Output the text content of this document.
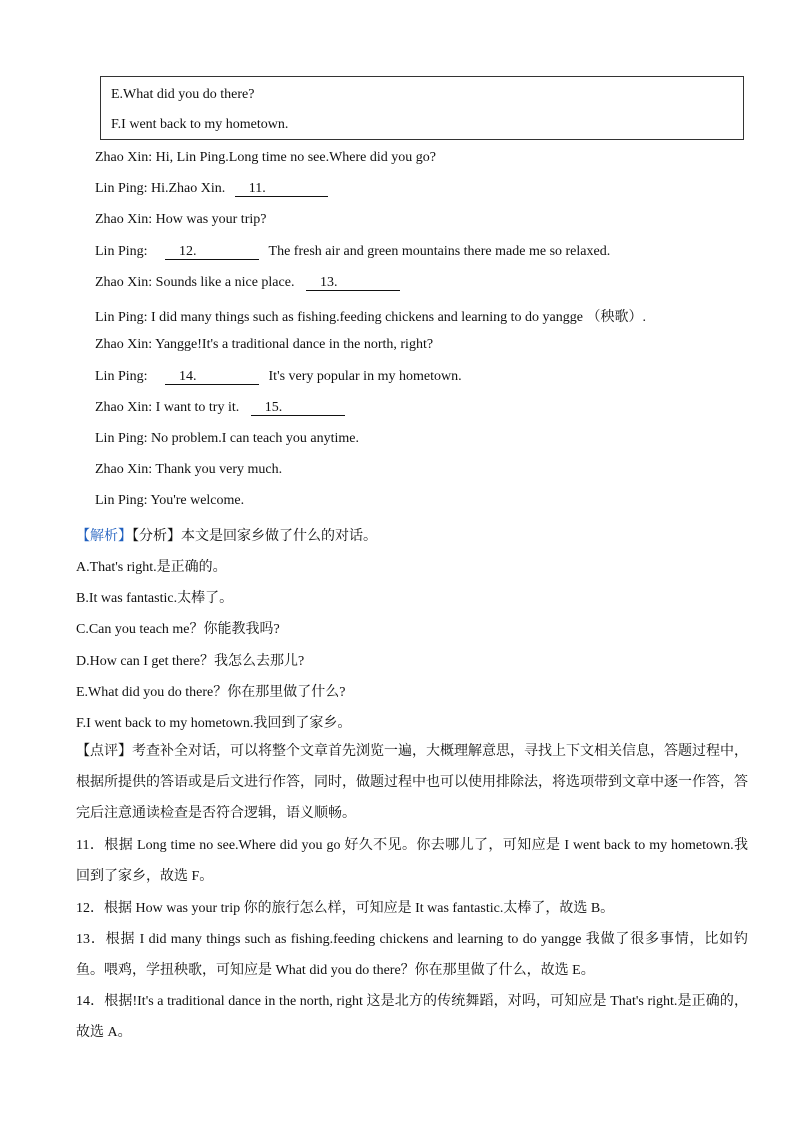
E.What did you do there?
F.I went back to my hometown.
Zhao Xin: Hi, Lin Ping.Long time no see.Where did you go?
Lin Ping: Hi.Zhao Xin. 11.
Zhao Xin: How was your trip?
Lin Ping: 12.	The fresh air and green mountains there made me so relaxed.
Zhao Xin: Sounds like a nice place. 13.
Lin Ping: I did many things such as fishing.feeding chickens and learning to do yangge （秧歌）.
Zhao Xin: Yangge!It's a traditional dance in the north, right?
Lin Ping: 14.	It's very popular in my hometown.
Zhao Xin: I want to try it. 15.
Lin Ping: No problem.I can teach you anytime.
Zhao Xin: Thank you very much.
Lin Ping: You're welcome.
【解析】【分析】本文是回家乡做了什么的对话。
A.That's right.是正确的。
B.It was fantastic.太棒了。
C.Can you teach me？你能教我吗?
D.How can I get there？我怎么去那儿?
E.What did you do there？你在那里做了什么?
F.I went back to my hometown.我回到了家乡。
【点评】考查补全对话，可以将整个文章首先浏览一遍，大概理解意思，寻找上下文相关信息，答题过程中，根据所提供的答语或是后文进行作答，同时，做题过程中也可以使用排除法，将选项带到文章中逐一作答，答完后注意通读检查是否符合逻辑，语义顺畅。
11．根据 Long time no see.Where did you go 好久不见。你去哪儿了，可知应是 I went back to my hometown.我回到了家乡，故选 F。
12．根据 How was your trip 你的旅行怎么样，可知应是 It was fantastic.太棒了，故选 B。
13．根据 I did many things such as fishing.feeding chickens and learning to do yangge 我做了很多事情，比如钓鱼。喂鸡，学扭秧歌，可知应是 What did you do there？你在那里做了什么，故选 E。
14．根据!It's a traditional dance in the north, right 这是北方的传统舞蹈，对吗，可知应是 That's right.是正确的，故选 A。
